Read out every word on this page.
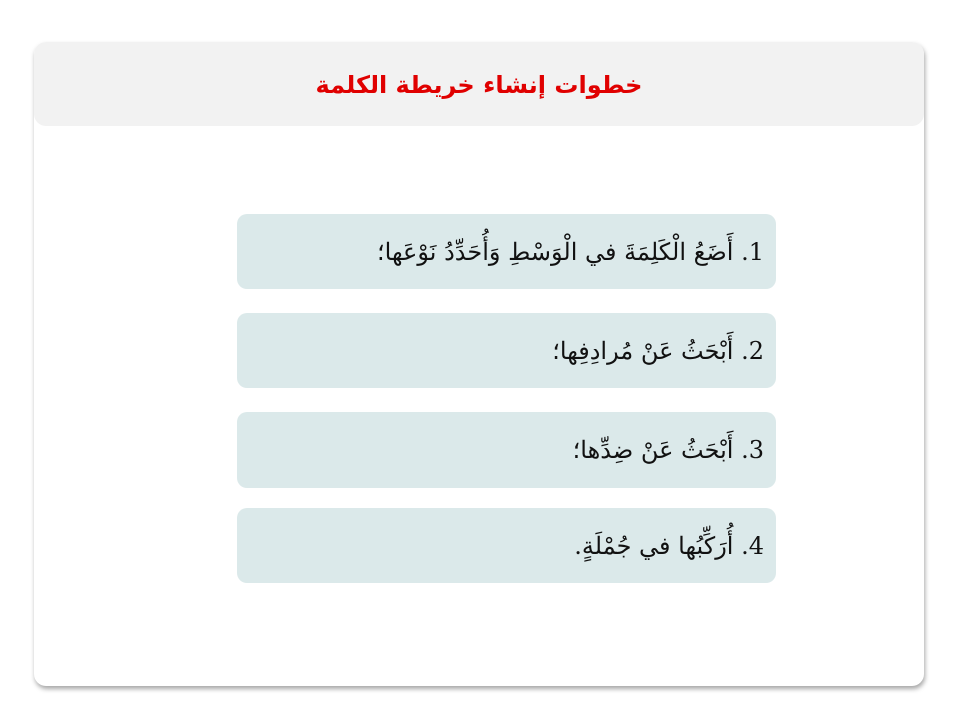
خطوات إنشاء خريطة الكلمة
1. أَضَعُ الْكَلِمَةَ في الْوَسْطِ وَأُحَدِّدُ نَوْعَها؛
2. أَبْحَثُ عَنْ مُرادِفِها؛
3. أَبْحَثُ عَنْ ضِدِّها؛
4. أُرَكِّبُها في جُمْلَةٍ.
